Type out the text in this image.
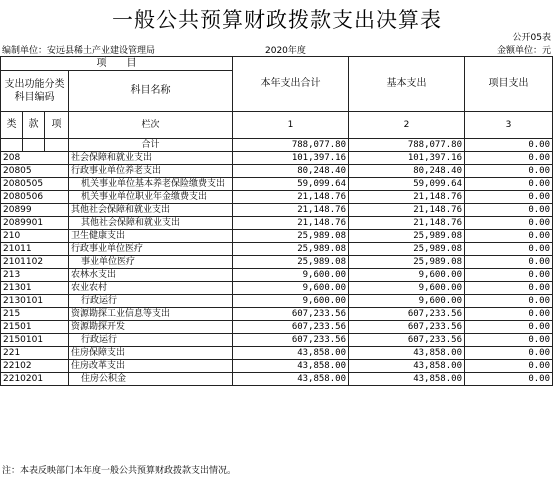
一般公共预算财政拨款支出决算表
公开05表
编制单位：安远县稀土产业建设管理局	2020年度	金额单位：元
项　　目				本年支出合计	基本支出	项目支出
支出功能分类科目编码			科目名称			
类	款	项				
			栏次	1	2	3
			合计	788,077.80	788,077.80	0.00
208			社会保障和就业支出	101,397.16	101,397.16	0.00
20805			行政事业单位养老支出	80,248.40	80,248.40	0.00
2080505			机关事业单位基本养老保险缴费支出	59,099.64	59,099.64	0.00
2080506			机关事业单位职业年金缴费支出	21,148.76	21,148.76	0.00
20899			其他社会保障和就业支出	21,148.76	21,148.76	0.00
2089901			其他社会保障和就业支出	21,148.76	21,148.76	0.00
210			卫生健康支出	25,989.08	25,989.08	0.00
21011			行政事业单位医疗	25,989.08	25,989.08	0.00
2101102			事业单位医疗	25,989.08	25,989.08	0.00
213			农林水支出	9,600.00	9,600.00	0.00
21301			农业农村	9,600.00	9,600.00	0.00
2130101			行政运行	9,600.00	9,600.00	0.00
215			资源勘探工业信息等支出	607,233.56	607,233.56	0.00
21501			资源勘探开发	607,233.56	607,233.56	0.00
2150101			行政运行	607,233.56	607,233.56	0.00
221			住房保障支出	43,858.00	43,858.00	0.00
22102			住房改革支出	43,858.00	43,858.00	0.00
2210201			住房公积金	43,858.00	43,858.00	0.00
注：本表反映部门本年度一般公共预算财政拨款支出情况。
